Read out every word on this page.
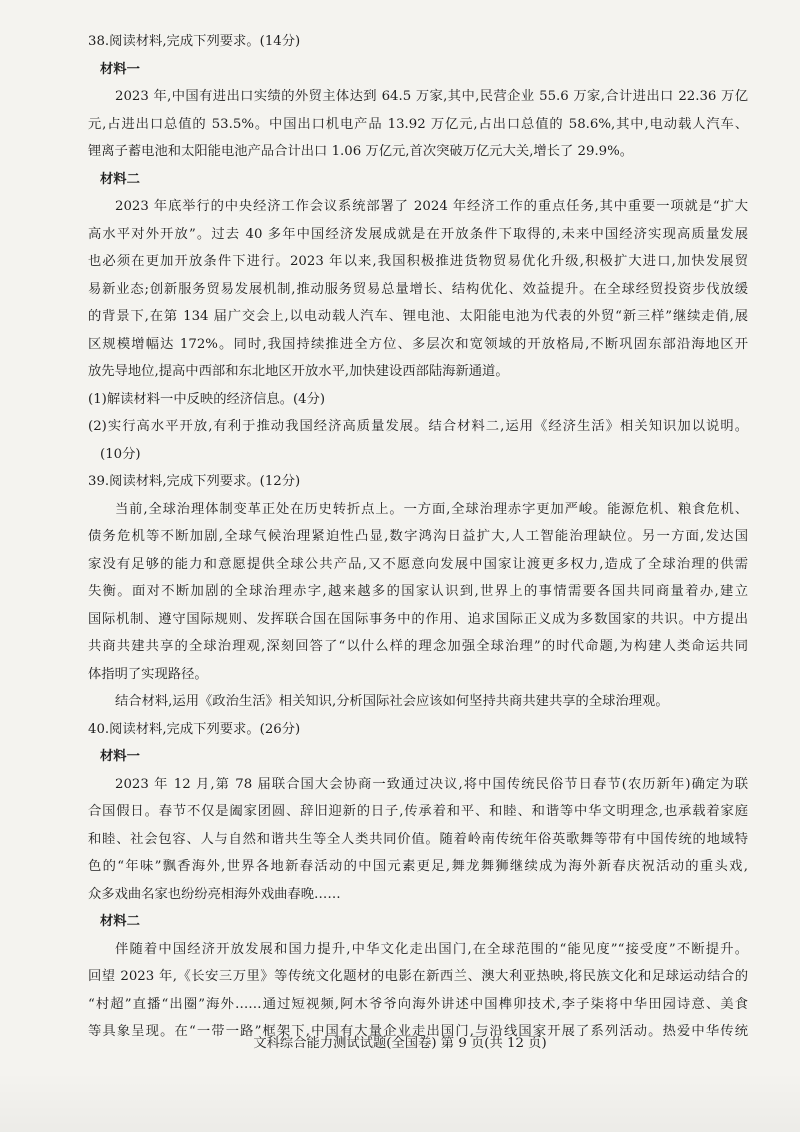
38.阅读材料,完成下列要求。(14分)
材料一
2023 年,中国有进出口实绩的外贸主体达到 64.5 万家,其中,民营企业 55.6 万家,合计进出口 22.36 万亿
元,占进出口总值的 53.5%。中国出口机电产品 13.92 万亿元,占出口总值的 58.6%,其中,电动载人汽车、
锂离子蓄电池和太阳能电池产品合计出口 1.06 万亿元,首次突破万亿元大关,增长了 29.9%。
材料二
2023 年底举行的中央经济工作会议系统部署了 2024 年经济工作的重点任务,其中重要一项就是“扩大
高水平对外开放”。过去 40 多年中国经济发展成就是在开放条件下取得的,未来中国经济实现高质量发展
也必须在更加开放条件下进行。2023 年以来,我国积极推进货物贸易优化升级,积极扩大进口,加快发展贸
易新业态;创新服务贸易发展机制,推动服务贸易总量增长、结构优化、效益提升。在全球经贸投资步伐放缓
的背景下,在第 134 届广交会上,以电动载人汽车、锂电池、太阳能电池为代表的外贸“新三样”继续走俏,展
区规模增幅达 172%。同时,我国持续推进全方位、多层次和宽领域的开放格局,不断巩固东部沿海地区开
放先导地位,提高中西部和东北地区开放水平,加快建设西部陆海新通道。
(1)解读材料一中反映的经济信息。(4分)
(2)实行高水平开放,有利于推动我国经济高质量发展。结合材料二,运用《经济生活》相关知识加以说明。
(10分)
39.阅读材料,完成下列要求。(12分)
当前,全球治理体制变革正处在历史转折点上。一方面,全球治理赤字更加严峻。能源危机、粮食危机、
债务危机等不断加剧,全球气候治理紧迫性凸显,数字鸿沟日益扩大,人工智能治理缺位。另一方面,发达国
家没有足够的能力和意愿提供全球公共产品,又不愿意向发展中国家让渡更多权力,造成了全球治理的供需
失衡。面对不断加剧的全球治理赤字,越来越多的国家认识到,世界上的事情需要各国共同商量着办,建立
国际机制、遵守国际规则、发挥联合国在国际事务中的作用、追求国际正义成为多数国家的共识。中方提出
共商共建共享的全球治理观,深刻回答了“以什么样的理念加强全球治理”的时代命题,为构建人类命运共同
体指明了实现路径。
结合材料,运用《政治生活》相关知识,分析国际社会应该如何坚持共商共建共享的全球治理观。
40.阅读材料,完成下列要求。(26分)
材料一
2023 年 12 月,第 78 届联合国大会协商一致通过决议,将中国传统民俗节日春节(农历新年)确定为联
合国假日。春节不仅是阖家团圆、辞旧迎新的日子,传承着和平、和睦、和谐等中华文明理念,也承载着家庭
和睦、社会包容、人与自然和谐共生等全人类共同价值。随着岭南传统年俗英歌舞等带有中国传统的地域特
色的“年味”飘香海外,世界各地新春活动的中国元素更足,舞龙舞狮继续成为海外新春庆祝活动的重头戏,
众多戏曲名家也纷纷亮相海外戏曲春晚……
材料二
伴随着中国经济开放发展和国力提升,中华文化走出国门,在全球范围的“能见度”“接受度”不断提升。
回望 2023 年,《长安三万里》等传统文化题材的电影在新西兰、澳大利亚热映,将民族文化和足球运动结合的
“村超”直播“出圈”海外……通过短视频,阿木爷爷向海外讲述中国榫卯技术,李子柒将中华田园诗意、美食
等具象呈现。在“一带一路”框架下,中国有大量企业走出国门,与沿线国家开展了系列活动。热爱中华传统
文科综合能力测试试题(全国卷) 第 9 页(共 12 页)
